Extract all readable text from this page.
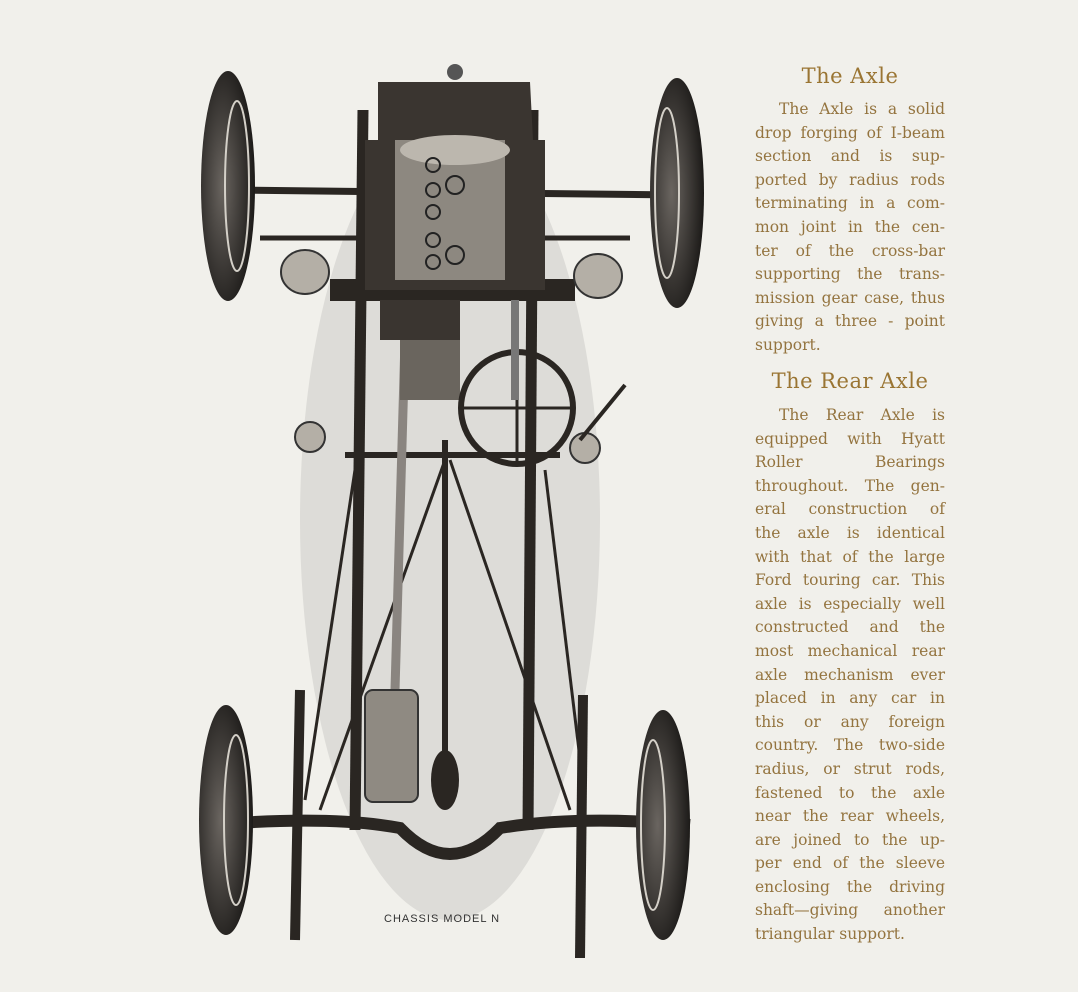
CHASSIS MODEL N
The Axle
The Axle is a solid
drop forging of I-beam
section and is sup-
ported by radius rods
terminating in a com-
mon joint in the cen-
ter of the cross-bar
supporting the trans-
mission gear case, thus
giving a three - point
support.
The Rear Axle
The Rear Axle is
equipped with Hyatt
Roller Bearings
throughout. The gen-
eral construction of
the axle is identical
with that of the large
Ford touring car. This
axle is especially well
constructed and the
most mechanical rear
axle mechanism ever
placed in any car in
this or any foreign
country. The two-side
radius, or strut rods,
fastened to the axle
near the rear wheels,
are joined to the up-
per end of the sleeve
enclosing the driving
shaft—giving another
triangular support.
